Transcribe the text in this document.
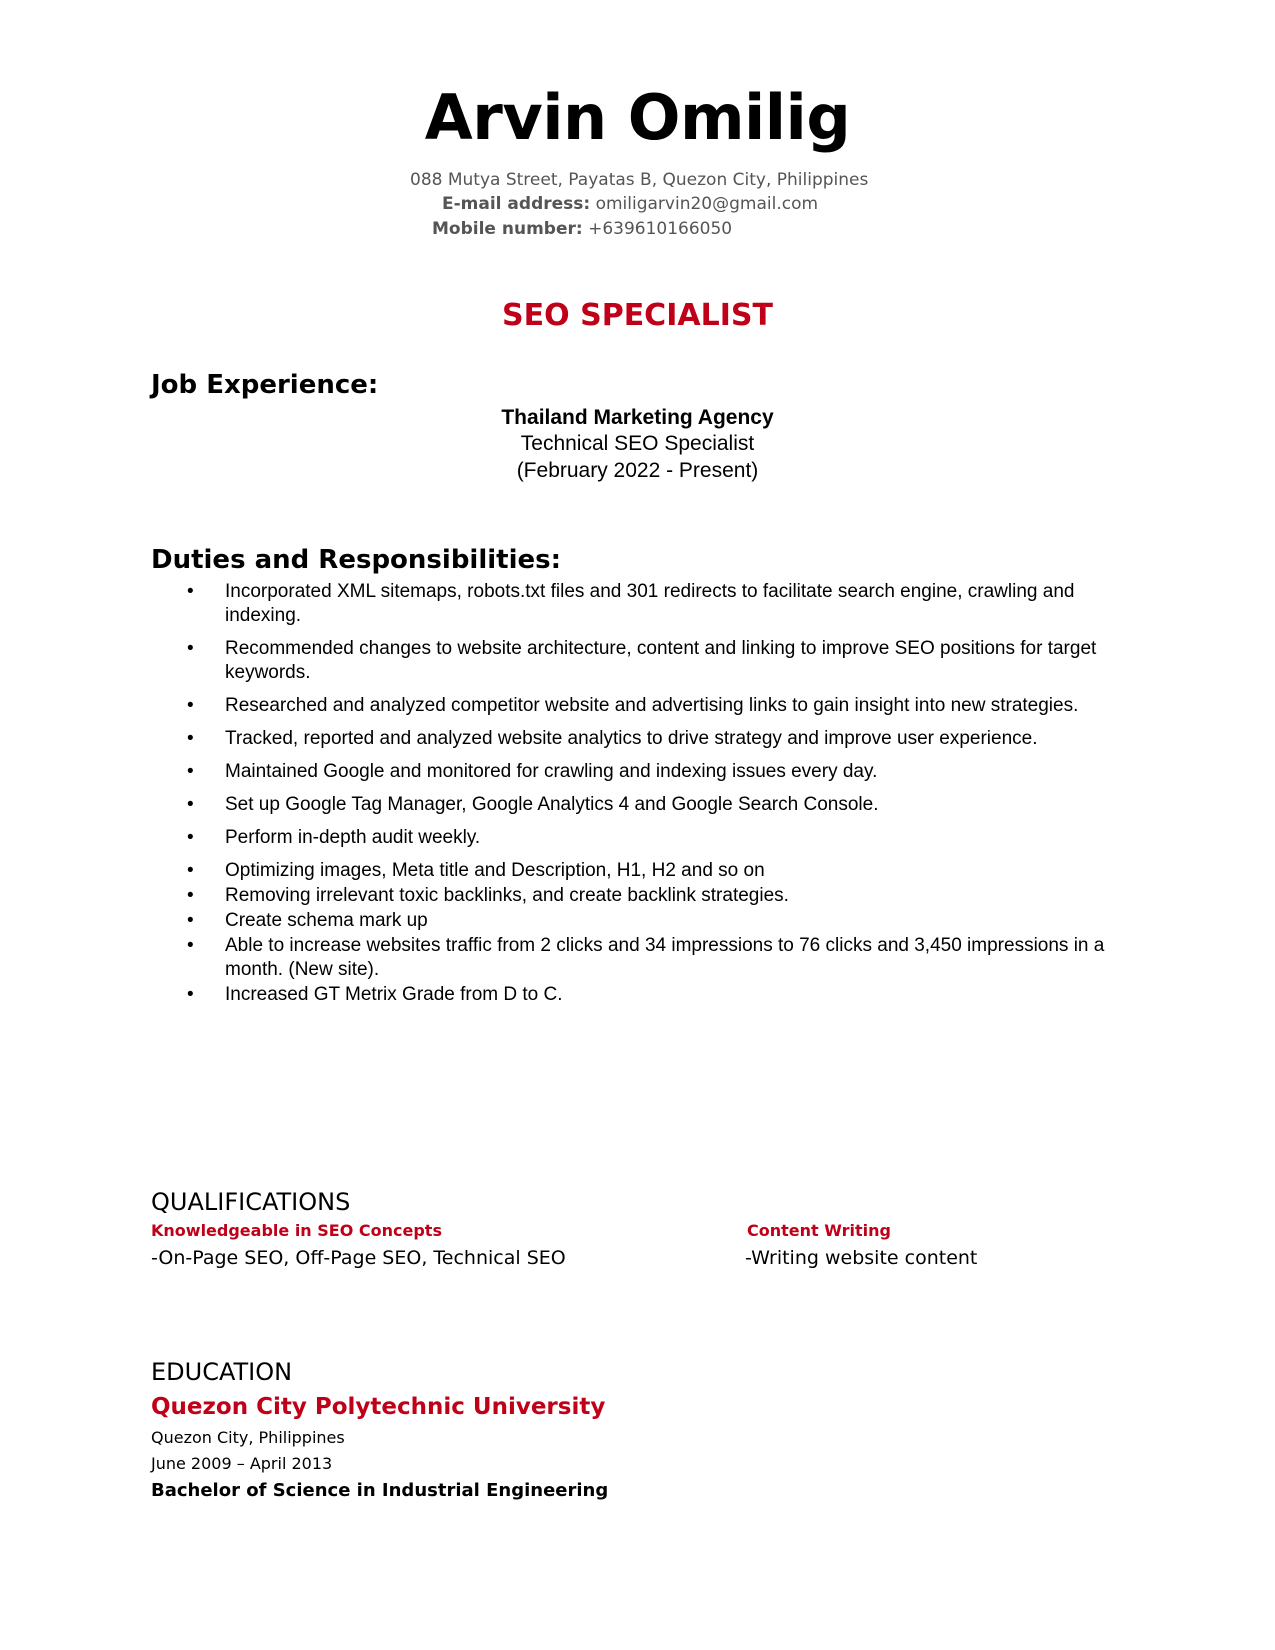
Arvin Omilig
088 Mutya Street, Payatas B, Quezon City, Philippines
E-mail address: omiligarvin20@gmail.com
Mobile number: +639610166050
SEO SPECIALIST
Job Experience:
Thailand Marketing Agency
Technical SEO Specialist
(February 2022 - Present)
Duties and Responsibilities:
• Incorporated XML sitemaps, robots.txt files and 301 redirects to facilitate search engine, crawling and indexing.
• Recommended changes to website architecture, content and linking to improve SEO positions for target keywords.
• Researched and analyzed competitor website and advertising links to gain insight into new strategies.
• Tracked, reported and analyzed website analytics to drive strategy and improve user experience.
• Maintained Google and monitored for crawling and indexing issues every day.
• Set up Google Tag Manager, Google Analytics 4 and Google Search Console.
• Perform in-depth audit weekly.
• Optimizing images, Meta title and Description, H1, H2 and so on
• Removing irrelevant toxic backlinks, and create backlink strategies.
• Create schema mark up
• Able to increase websites traffic from 2 clicks and 34 impressions to 76 clicks and 3,450 impressions in a month. (New site).
• Increased GT Metrix Grade from D to C.
QUALIFICATIONS
Knowledgeable in SEO Concepts
-On-Page SEO, Off-Page SEO, Technical SEO
Content Writing
-Writing website content
EDUCATION
Quezon City Polytechnic University
Quezon City, Philippines
June 2009 – April 2013
Bachelor of Science in Industrial Engineering
